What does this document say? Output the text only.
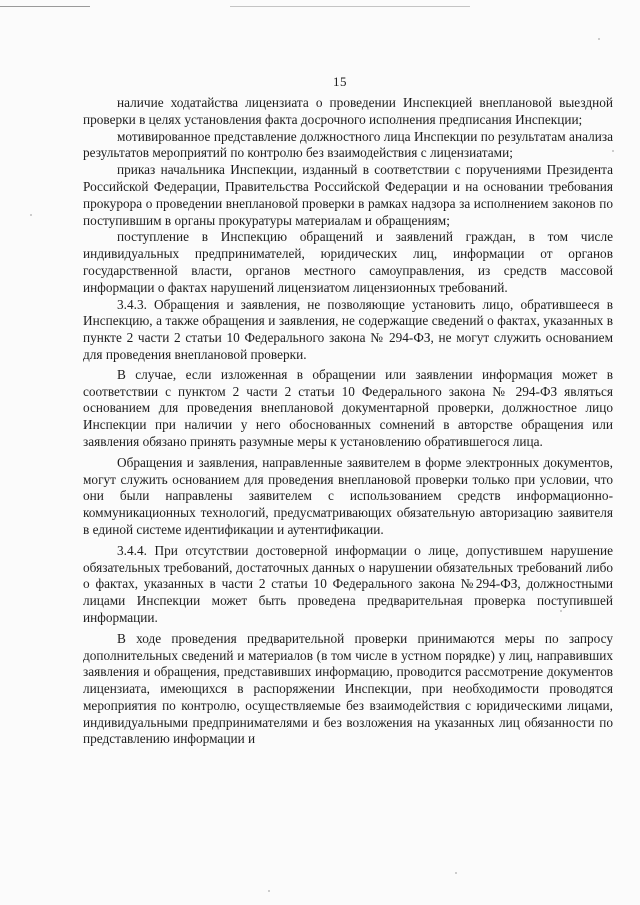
15

наличие ходатайства лицензиата о проведении Инспекцией внеплановой выездной проверки в целях установления факта досрочного исполнения предписания Инспекции;

мотивированное представление должностного лица Инспекции по результатам анализа результатов мероприятий по контролю без взаимодействия с лицензиатами;

приказ начальника Инспекции, изданный в соответствии с поручениями Президента Российской Федерации, Правительства Российской Федерации и на основании требования прокурора о проведении внеплановой проверки в рамках надзора за исполнением законов по поступившим в органы прокуратуры материалам и обращениям;

поступление в Инспекцию обращений и заявлений граждан, в том числе индивидуальных предпринимателей, юридических лиц, информации от органов государственной власти, органов местного самоуправления, из средств массовой информации о фактах нарушений лицензиатом лицензионных требований.

3.4.3. Обращения и заявления, не позволяющие установить лицо, обратившееся в Инспекцию, а также обращения и заявления, не содержащие сведений о фактах, указанных в пункте 2 части 2 статьи 10 Федерального закона № 294-ФЗ, не могут служить основанием для проведения внеплановой проверки.

В случае, если изложенная в обращении или заявлении информация может в соответствии с пунктом 2 части 2 статьи 10 Федерального закона № 294-ФЗ являться основанием для проведения внеплановой документарной проверки, должностное лицо Инспекции при наличии у него обоснованных сомнений в авторстве обращения или заявления обязано принять разумные меры к установлению обратившегося лица.

Обращения и заявления, направленные заявителем в форме электронных документов, могут служить основанием для проведения внеплановой проверки только при условии, что они были направлены заявителем с использованием средств информационно-коммуникационных технологий, предусматривающих обязательную авторизацию заявителя в единой системе идентификации и аутентификации.

3.4.4. При отсутствии достоверной информации о лице, допустившем нарушение обязательных требований, достаточных данных о нарушении обязательных требований либо о фактах, указанных в части 2 статьи 10 Федерального закона №294-ФЗ, должностными лицами Инспекции может быть проведена предварительная проверка поступившей информации.

В ходе проведения предварительной проверки принимаются меры по запросу дополнительных сведений и материалов (в том числе в устном порядке) у лиц, направивших заявления и обращения, представивших информацию, проводится рассмотрение документов лицензиата, имеющихся в распоряжении Инспекции, при необходимости проводятся мероприятия по контролю, осуществляемые без взаимодействия с юридическими лицами, индивидуальными предпринимателями и без возложения на указанных лиц обязанности по представлению информации и
